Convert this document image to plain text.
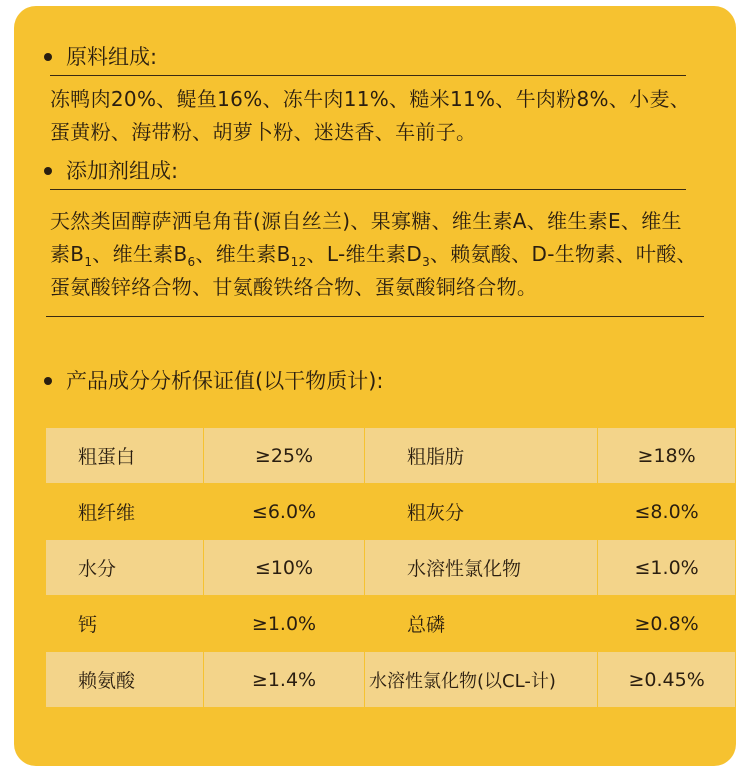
原料组成:
冻鸭肉20%、鳀鱼16%、冻牛肉11%、糙米11%、牛肉粉8%、小麦、蛋黄粉、海带粉、胡萝卜粉、迷迭香、车前子。
添加剂组成:
天然类固醇萨洒皂角苷(源自丝兰)、果寡糖、维生素A、维生素E、维生素$B_1$、维生素$B_6$、维生素$B_{12}$、L-维生素$D_3$、赖氨酸、D-生物素、叶酸、蛋氨酸锌络合物、甘氨酸铁络合物、蛋氨酸铜络合物。
产品成分分析保证值(以干物质计):
粗蛋白	≥25%	粗脂肪	≥18%
粗纤维	≤6.0%	粗灰分	≤8.0%
水分	≤10%	水溶性氯化物	≤1.0%
钙	≥1.0%	总磷	≥0.8%
赖氨酸	≥1.4%	水溶性氯化物(以CL-计)	≥0.45%
